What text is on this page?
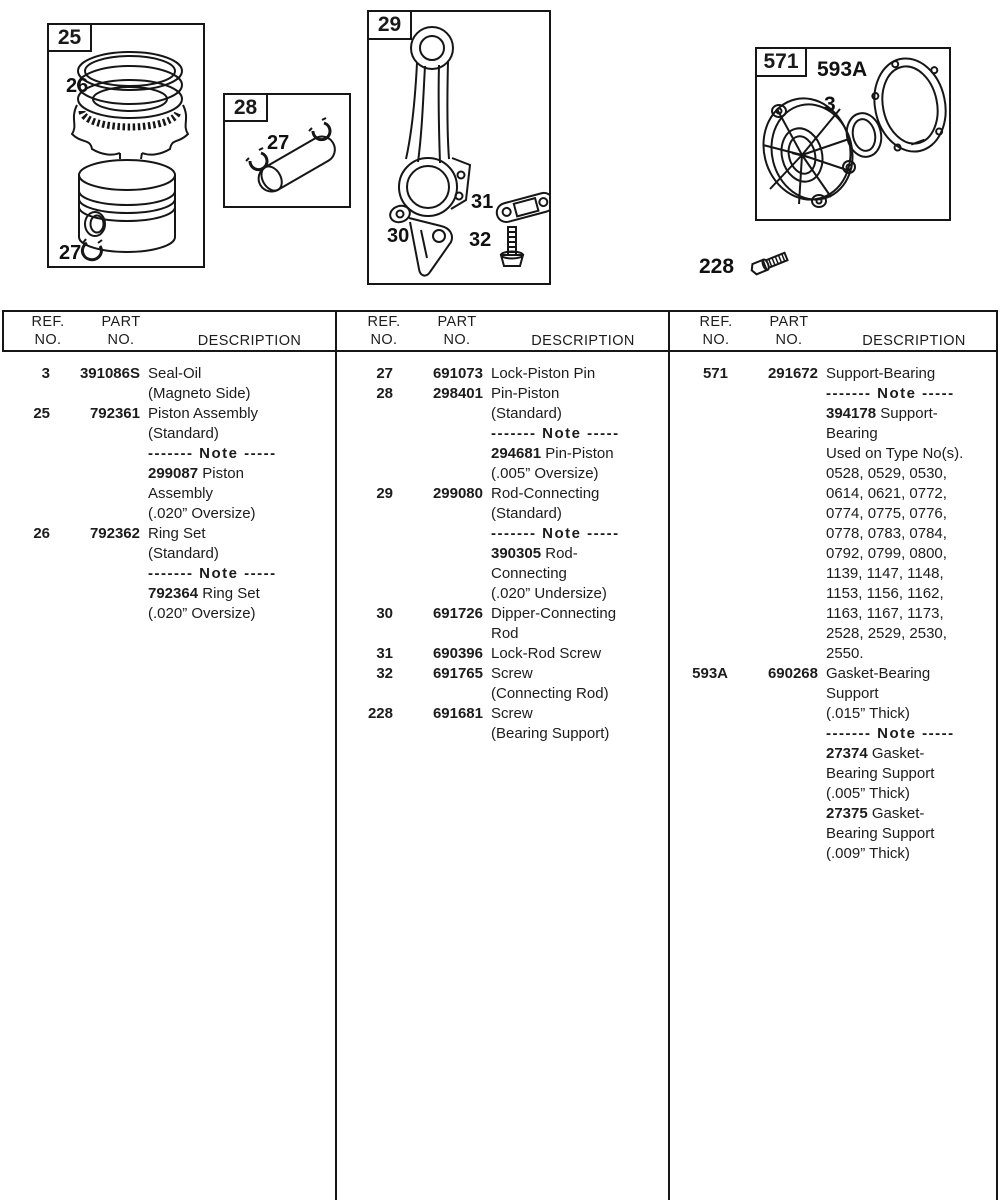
25
26
27
28
27
29
30
31
32
571 593A
3
228
REF.
NO.
PART
NO.	DESCRIPTION
REF.
NO.
PART
NO.	DESCRIPTION
REF.
NO.
PART
NO.	DESCRIPTION
3	391086S Seal-Oil
(Magneto Side)
25	792361 Piston Assembly
(Standard)
------- Note -----
299087 Piston
Assembly
(.020” Oversize)
26	792362 Ring Set
(Standard)
------- Note -----
792364 Ring Set
(.020” Oversize)
27	691073 Lock-Piston Pin
28	298401 Pin-Piston
(Standard)
------- Note -----
294681 Pin-Piston
(.005” Oversize)
29	299080 Rod-Connecting
(Standard)
------- Note -----
390305 Rod-
Connecting
(.020” Undersize)
30	691726 Dipper-Connecting
Rod
31	690396 Lock-Rod Screw
32	691765 Screw
(Connecting Rod)
228	691681 Screw
(Bearing Support)
571	291672 Support-Bearing
------- Note -----
394178 Support-
Bearing
Used on Type No(s).
0528, 0529, 0530,
0614, 0621, 0772,
0774, 0775, 0776,
0778, 0783, 0784,
0792, 0799, 0800,
1139, 1147, 1148,
1153, 1156, 1162,
1163, 1167, 1173,
2528, 2529, 2530,
2550.
593A	690268 Gasket-Bearing
Support
(.015” Thick)
------- Note -----
27374 Gasket-
Bearing Support
(.005” Thick)
27375 Gasket-
Bearing Support
(.009” Thick)
